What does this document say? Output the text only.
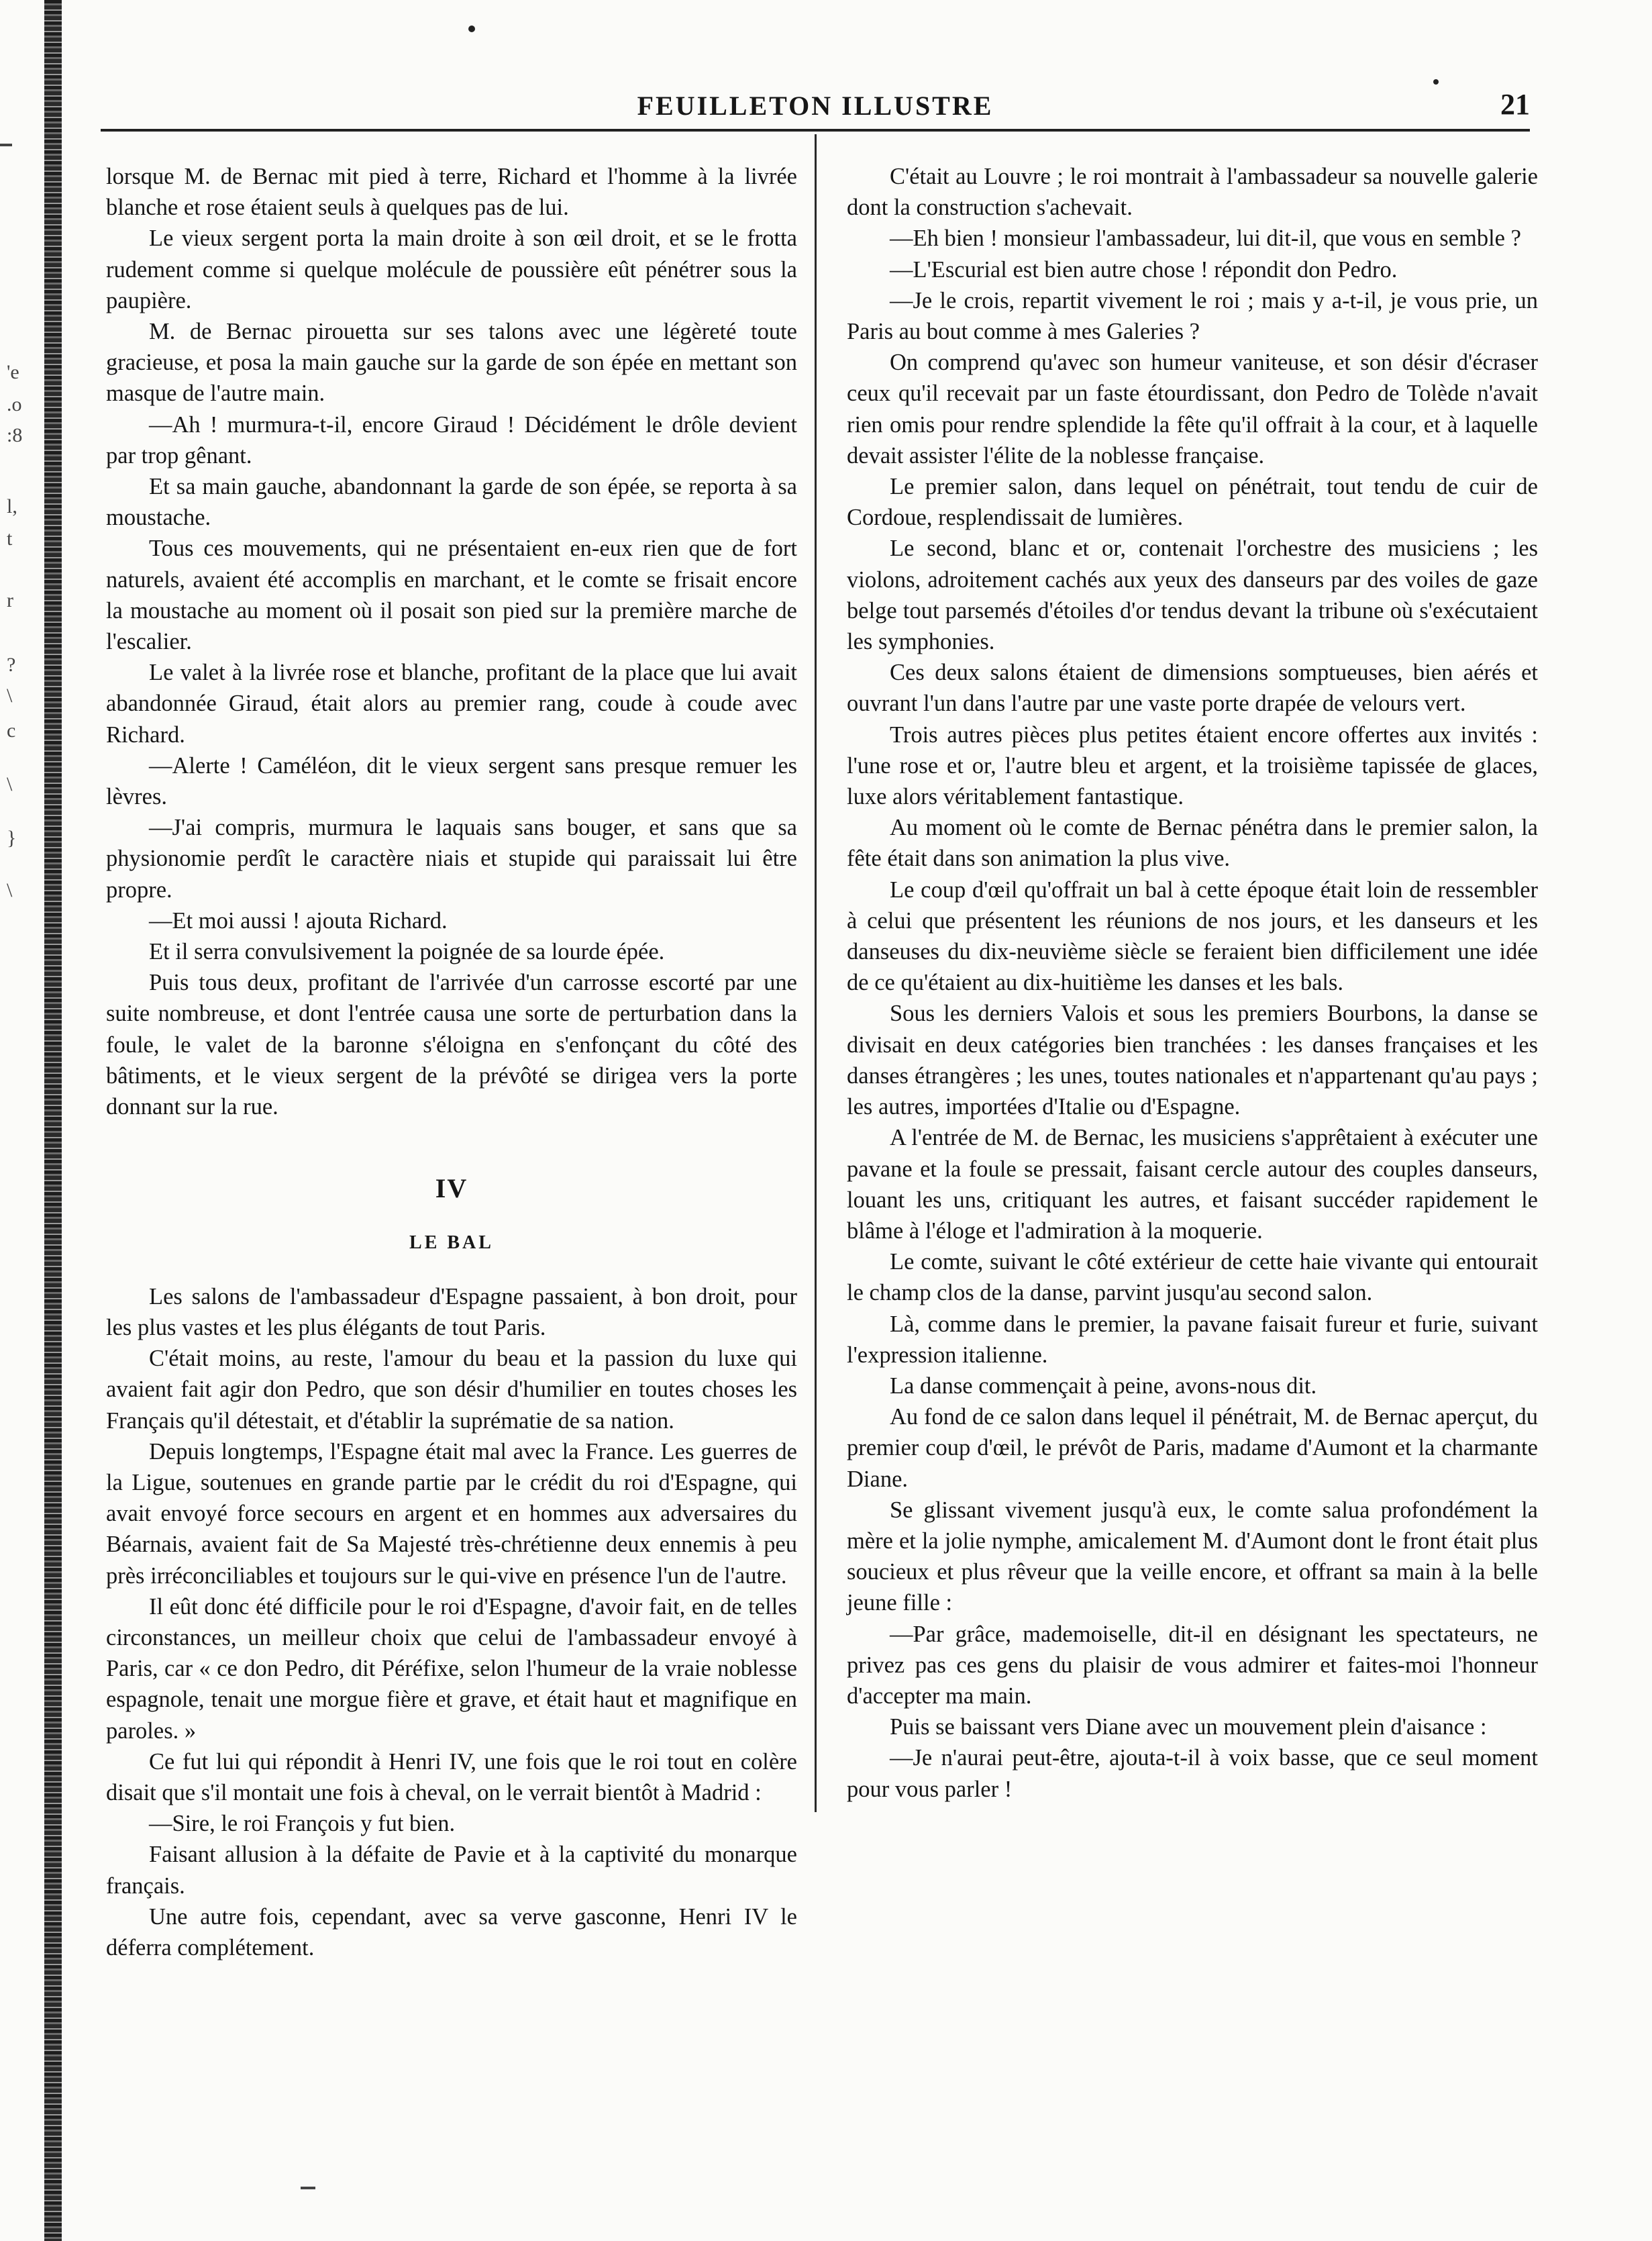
'e
.o
:8
l,
t
r
?
\
c
\
}
\
FEUILLETON ILLUSTRE	21

lorsque M. de Bernac mit pied à terre, Richard et l'homme à la livrée blanche et rose étaient seuls à quelques pas de lui.

Le vieux sergent porta la main droite à son œil droit, et se le frotta rudement comme si quelque molécule de poussière eût pénétrer sous la paupière.

M. de Bernac pirouetta sur ses talons avec une légèreté toute gracieuse, et posa la main gauche sur la garde de son épée en mettant son masque de l'autre main.

—Ah ! murmura-t-il, encore Giraud ! Décidément le drôle devient par trop gênant.

Et sa main gauche, abandonnant la garde de son épée, se reporta à sa moustache.

Tous ces mouvements, qui ne présentaient en-eux rien que de fort naturels, avaient été accomplis en marchant, et le comte se frisait encore la moustache au moment où il posait son pied sur la première marche de l'escalier.

Le valet à la livrée rose et blanche, profitant de la place que lui avait abandonnée Giraud, était alors au premier rang, coude à coude avec Richard.

—Alerte ! Caméléon, dit le vieux sergent sans presque remuer les lèvres.

—J'ai compris, murmura le laquais sans bouger, et sans que sa physionomie perdît le caractère niais et stupide qui paraissait lui être propre.

—Et moi aussi ! ajouta Richard.

Et il serra convulsivement la poignée de sa lourde épée.

Puis tous deux, profitant de l'arrivée d'un carrosse escorté par une suite nombreuse, et dont l'entrée causa une sorte de perturbation dans la foule, le valet de la baronne s'éloigna en s'enfonçant du côté des bâtiments, et le vieux sergent de la prévôté se dirigea vers la porte donnant sur la rue.

IV
LE BAL

Les salons de l'ambassadeur d'Espagne passaient, à bon droit, pour les plus vastes et les plus élégants de tout Paris.

C'était moins, au reste, l'amour du beau et la passion du luxe qui avaient fait agir don Pedro, que son désir d'humilier en toutes choses les Français qu'il détestait, et d'établir la suprématie de sa nation.

Depuis longtemps, l'Espagne était mal avec la France. Les guerres de la Ligue, soutenues en grande partie par le crédit du roi d'Espagne, qui avait envoyé force secours en argent et en hommes aux adversaires du Béarnais, avaient fait de Sa Majesté très-chrétienne deux ennemis à peu près irréconciliables et toujours sur le qui-vive en présence l'un de l'autre.

Il eût donc été difficile pour le roi d'Espagne, d'avoir fait, en de telles circonstances, un meilleur choix que celui de l'ambassadeur envoyé à Paris, car « ce don Pedro, dit Péréfixe, selon l'humeur de la vraie noblesse espagnole, tenait une morgue fière et grave, et était haut et magnifique en paroles. »

Ce fut lui qui répondit à Henri IV, une fois que le roi tout en colère disait que s'il montait une fois à cheval, on le verrait bientôt à Madrid :

—Sire, le roi François y fut bien.

Faisant allusion à la défaite de Pavie et à la captivité du monarque français.

Une autre fois, cependant, avec sa verve gasconne, Henri IV le déferra complétement.

C'était au Louvre ; le roi montrait à l'ambassadeur sa nouvelle galerie dont la construction s'achevait.

—Eh bien ! monsieur l'ambassadeur, lui dit-il, que vous en semble ?

—L'Escurial est bien autre chose ! répondit don Pedro.

—Je le crois, repartit vivement le roi ; mais y a-t-il, je vous prie, un Paris au bout comme à mes Galeries ?

On comprend qu'avec son humeur vaniteuse, et son désir d'écraser ceux qu'il recevait par un faste étourdissant, don Pedro de Tolède n'avait rien omis pour rendre splendide la fête qu'il offrait à la cour, et à laquelle devait assister l'élite de la noblesse française.

Le premier salon, dans lequel on pénétrait, tout tendu de cuir de Cordoue, resplendissait de lumières.

Le second, blanc et or, contenait l'orchestre des musiciens ; les violons, adroitement cachés aux yeux des danseurs par des voiles de gaze belge tout parsemés d'étoiles d'or tendus devant la tribune où s'exécutaient les symphonies.

Ces deux salons étaient de dimensions somptueuses, bien aérés et ouvrant l'un dans l'autre par une vaste porte drapée de velours vert.

Trois autres pièces plus petites étaient encore offertes aux invités : l'une rose et or, l'autre bleu et argent, et la troisième tapissée de glaces, luxe alors véritablement fantastique.

Au moment où le comte de Bernac pénétra dans le premier salon, la fête était dans son animation la plus vive.

Le coup d'œil qu'offrait un bal à cette époque était loin de ressembler à celui que présentent les réunions de nos jours, et les danseurs et les danseuses du dix-neuvième siècle se feraient bien difficilement une idée de ce qu'étaient au dix-huitième les danses et les bals.

Sous les derniers Valois et sous les premiers Bourbons, la danse se divisait en deux catégories bien tranchées : les danses françaises et les danses étrangères ; les unes, toutes nationales et n'appartenant qu'au pays ; les autres, importées d'Italie ou d'Espagne.

A l'entrée de M. de Bernac, les musiciens s'apprêtaient à exécuter une pavane et la foule se pressait, faisant cercle autour des couples danseurs, louant les uns, critiquant les autres, et faisant succéder rapidement le blâme à l'éloge et l'admiration à la moquerie.

Le comte, suivant le côté extérieur de cette haie vivante qui entourait le champ clos de la danse, parvint jusqu'au second salon.

Là, comme dans le premier, la pavane faisait fureur et furie, suivant l'expression italienne.

La danse commençait à peine, avons-nous dit.

Au fond de ce salon dans lequel il pénétrait, M. de Bernac aperçut, du premier coup d'œil, le prévôt de Paris, madame d'Aumont et la charmante Diane.

Se glissant vivement jusqu'à eux, le comte salua profondément la mère et la jolie nymphe, amicalement M. d'Aumont dont le front était plus soucieux et plus rêveur que la veille encore, et offrant sa main à la belle jeune fille :

—Par grâce, mademoiselle, dit-il en désignant les spectateurs, ne privez pas ces gens du plaisir de vous admirer et faites-moi l'honneur d'accepter ma main.

Puis se baissant vers Diane avec un mouvement plein d'aisance :

—Je n'aurai peut-être, ajouta-t-il à voix basse, que ce seul moment pour vous parler !
